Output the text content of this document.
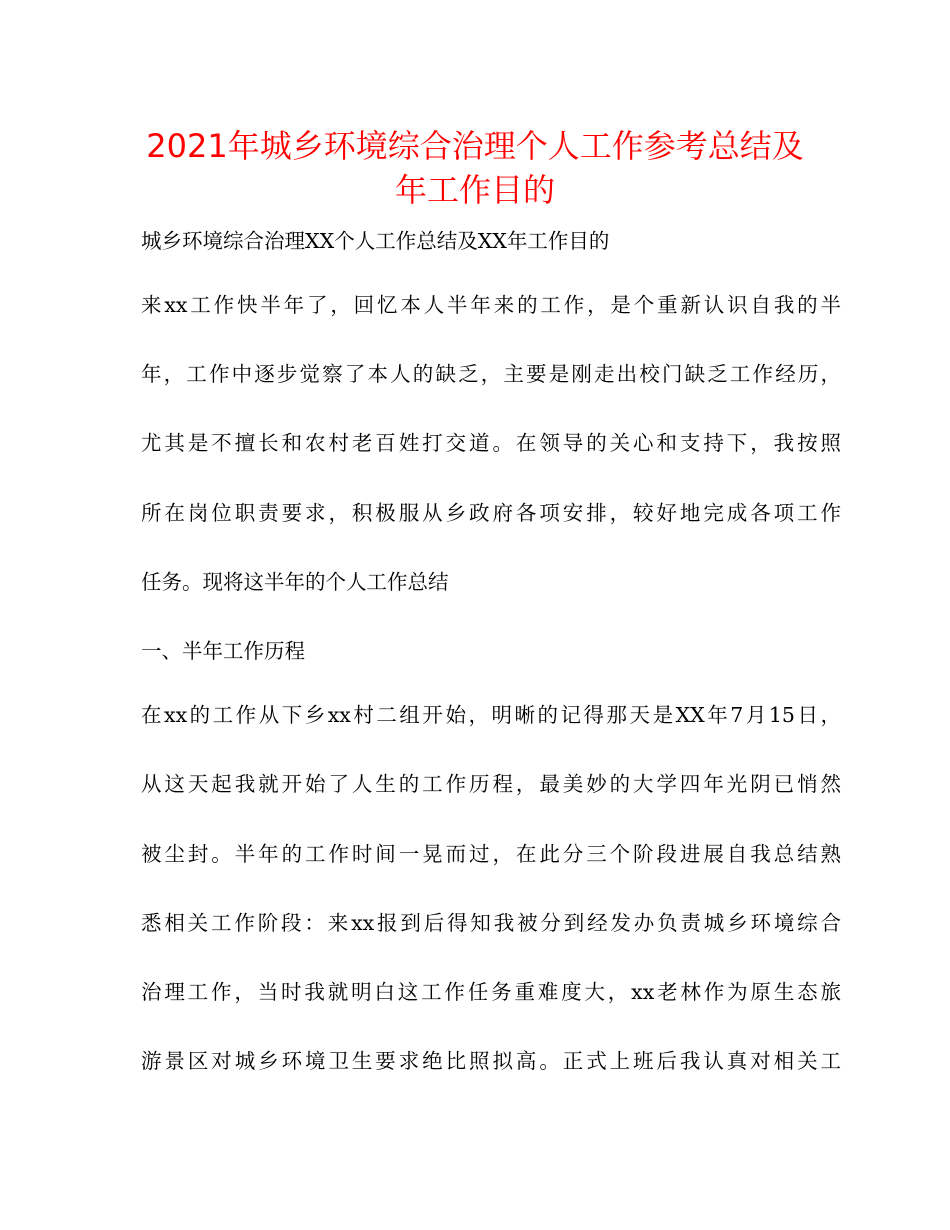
2021年城乡环境综合治理个人工作参考总结及
年工作目的
城乡环境综合治理XX个人工作总结及XX年工作目的
来xx工作快半年了，回忆本人半年来的工作，是个重新认识自我的半
年，工作中逐步觉察了本人的缺乏，主要是刚走出校门缺乏工作经历，
尤其是不擅长和农村老百姓打交道。在领导的关心和支持下，我按照
所在岗位职责要求，积极服从乡政府各项安排，较好地完成各项工作
任务。现将这半年的个人工作总结
一、半年工作历程
在xx的工作从下乡xx村二组开始，明晰的记得那天是XX年7月15日，
从这天起我就开始了人生的工作历程，最美妙的大学四年光阴已悄然
被尘封。半年的工作时间一晃而过，在此分三个阶段进展自我总结熟
悉相关工作阶段：来xx报到后得知我被分到经发办负责城乡环境综合
治理工作，当时我就明白这工作任务重难度大，xx老林作为原生态旅
游景区对城乡环境卫生要求绝比照拟高。正式上班后我认真对相关工
